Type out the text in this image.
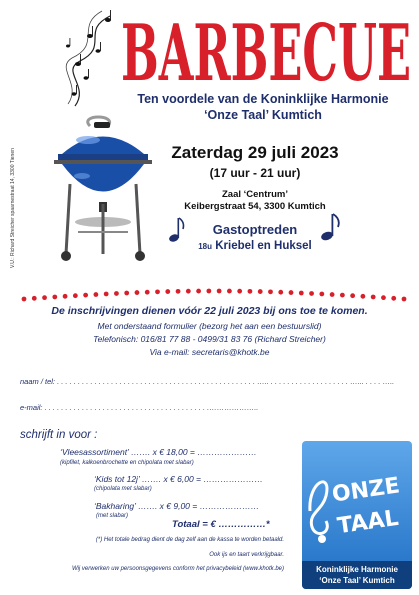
BARBECUE
Ten voordele van de Koninklijke Harmonie
‘Onze Taal’ Kumtich
V.U.: Richard Streicher spaarnestraat 14, 3300 Tienen	Zaterdag 29 juli 2023
(17 uur - 21 uur)
Zaal ‘Centrum’
Keibergstraat 54, 3300 Kumtich
Gastoptreden
18u Kriebel en Huksel
De inschrijvingen dienen vóór 22 juli 2023 bij ons toe te komen.
Met onderstaand formulier (bezorg het aan een bestuurslid)
Telefonisch: 016/81 77 88 - 0499/31 83 76 (Richard Streicher)
Via e-mail: secretaris@khotk.be
naam / tel: . . . . . . . . . . . . . . . . . . . . . . . . . . . . . . . . . . . . . . . . . . . . . . . . ….. . . . . . . . . . . . . . . . . . . . …... . . . . …..
e-mail: . . . . . . . . . . . . . . . . . . . . . . . . . . . . . . . . . . . . . . . .………………..
schrijft in voor :
‘Vleesassortiment’ ……. x € 18,00 = …………………
(kipfilet, kalkoenbrochette en chipolata met slabar)
‘Kids tot 12j’ ……. x € 6,00 = …………………
(chipolata met slabar)
‘Bakharing’ ……. x € 9,00 = …………………
(met slabar)
Totaal = € ……………*
(*) Het totale bedrag dient de dag zelf aan de kassa te worden betaald.
Ook ijs en taart verkrijgbaar.
Wij verwerken uw persoonsgegevens conform het privacybeleid (www.khotk.be)
ONZE
TAAL
Koninklijke Harmonie
‘Onze Taal’ Kumtich
